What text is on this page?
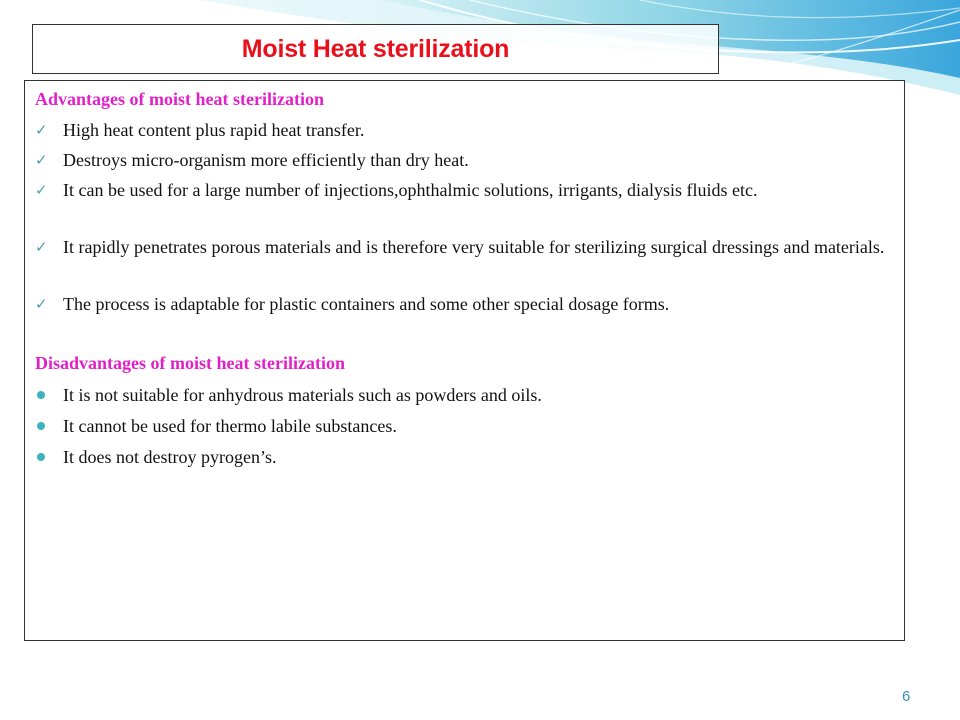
Moist Heat sterilization
Advantages of moist heat sterilization
✓ High heat content plus rapid heat transfer.
✓ Destroys micro-organism more efficiently than dry heat.
✓ It can be used for a large number of injections,ophthalmic solutions, irrigants, dialysis fluids etc.
✓ It rapidly penetrates porous materials and is therefore very suitable for sterilizing surgical dressings and materials.
✓ The process is adaptable for plastic containers and some other special dosage forms.
Disadvantages of moist heat sterilization
It is not suitable for anhydrous materials such as powders and oils.
It cannot be used for thermo labile substances.
It does not destroy pyrogen’s.
6
